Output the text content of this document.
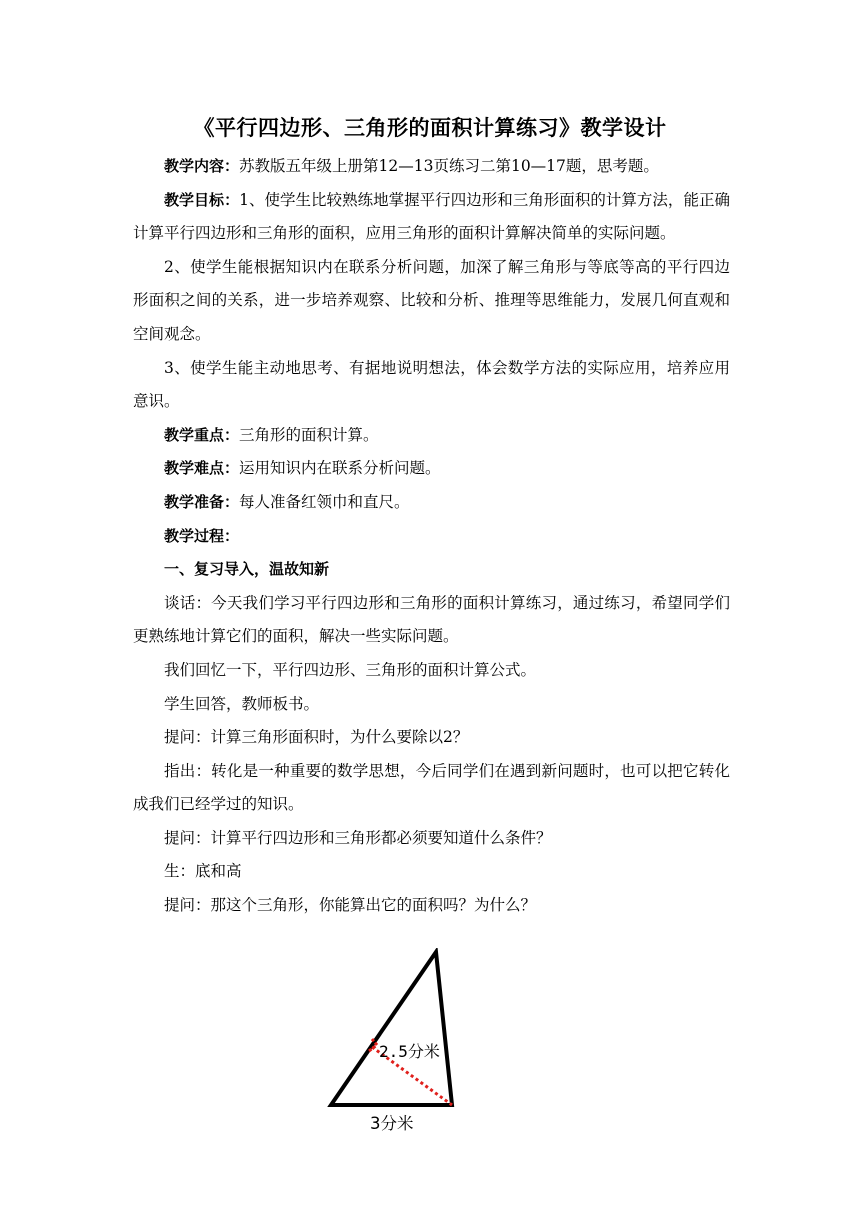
《平行四边形、三角形的面积计算练习》教学设计

教学内容：苏教版五年级上册第12—13页练习二第10—17题，思考题。

教学目标：1、使学生比较熟练地掌握平行四边形和三角形面积的计算方法，能正确计算平行四边形和三角形的面积，应用三角形的面积计算解决简单的实际问题。

2、使学生能根据知识内在联系分析问题，加深了解三角形与等底等高的平行四边形面积之间的关系，进一步培养观察、比较和分析、推理等思维能力，发展几何直观和空间观念。

3、使学生能主动地思考、有据地说明想法，体会数学方法的实际应用，培养应用意识。

教学重点：三角形的面积计算。

教学难点：运用知识内在联系分析问题。

教学准备：每人准备红领巾和直尺。

教学过程：

一、复习导入，温故知新

谈话：今天我们学习平行四边形和三角形的面积计算练习，通过练习，希望同学们更熟练地计算它们的面积，解决一些实际问题。

我们回忆一下，平行四边形、三角形的面积计算公式。

学生回答，教师板书。

提问：计算三角形面积时，为什么要除以2？

指出：转化是一种重要的数学思想，今后同学们在遇到新问题时，也可以把它转化成我们已经学过的知识。

提问：计算平行四边形和三角形都必须要知道什么条件？

生：底和高

提问：那这个三角形，你能算出它的面积吗？为什么？

2.5分米
3分米
